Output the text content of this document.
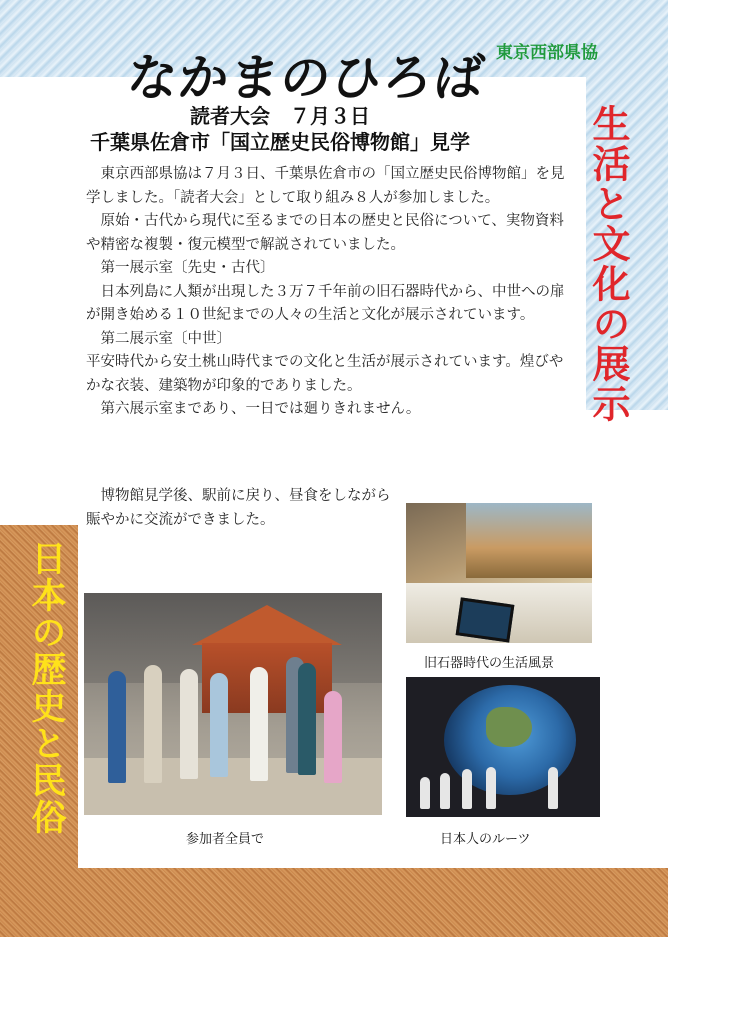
なかまのひろば 東京西部県協
読者大会　７月３日
千葉県佐倉市「国立歴史民俗博物館」見学	生活と文化の展示
日本の歴史と民俗

東京西部県協は７月３日、千葉県佐倉市の「国立歴史民俗博物館」を見学しました。「読者大会」として取り組み８人が参加しました。

原始・古代から現代に至るまでの日本の歴史と民俗について、実物資料や精密な複製・復元模型で解説されていました。

第一展示室〔先史・古代〕

日本列島に人類が出現した３万７千年前の旧石器時代から、中世への扉が開き始める１０世紀までの人々の生活と文化が展示されています。

第二展示室〔中世〕

平安時代から安土桃山時代までの文化と生活が展示されています。煌びやかな衣装、建築物が印象的でありました。

第六展示室まであり、一日では廻りきれません。

博物館見学後、駅前に戻り、昼食をしながら賑やかに交流ができました。

参加者全員で
旧石器時代の生活風景
日本人のルーツ
